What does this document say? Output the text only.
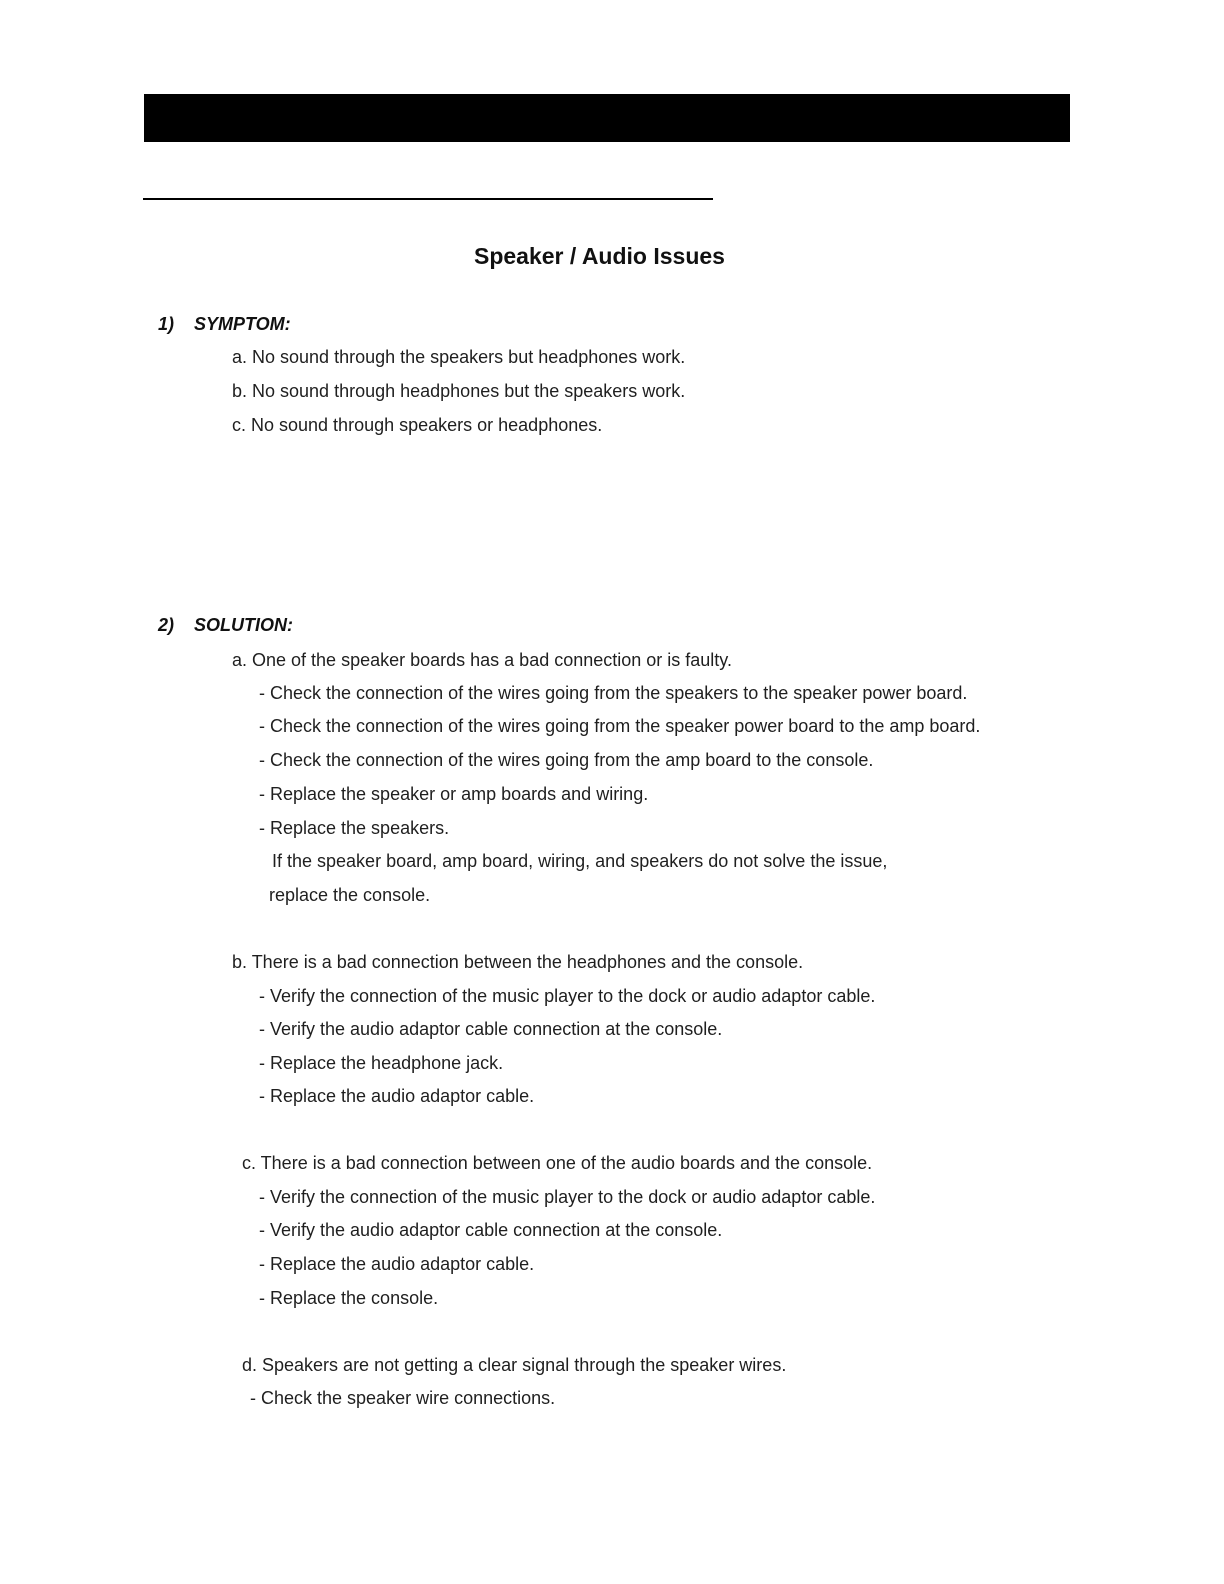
Speaker / Audio Issues
1) SYMPTOM:
a. No sound through the speakers but headphones work.
b. No sound through headphones but the speakers work.
c. No sound through speakers or headphones.
2) SOLUTION:
a. One of the speaker boards has a bad connection or is faulty.
- Check the connection of the wires going from the speakers to the speaker power board.
- Check the connection of the wires going from the speaker power board to the amp board.
- Check the connection of the wires going from the amp board to the console.
- Replace the speaker or amp boards and wiring.
- Replace the speakers.
If the speaker board, amp board, wiring, and speakers do not solve the issue,
replace the console.
b. There is a bad connection between the headphones and the console.
- Verify the connection of the music player to the dock or audio adaptor cable.
- Verify the audio adaptor cable connection at the console.
- Replace the headphone jack.
- Replace the audio adaptor cable.
c. There is a bad connection between one of the audio boards and the console.
- Verify the connection of the music player to the dock or audio adaptor cable.
- Verify the audio adaptor cable connection at the console.
- Replace the audio adaptor cable.
- Replace the console.
d. Speakers are not getting a clear signal through the speaker wires.
- Check the speaker wire connections.
